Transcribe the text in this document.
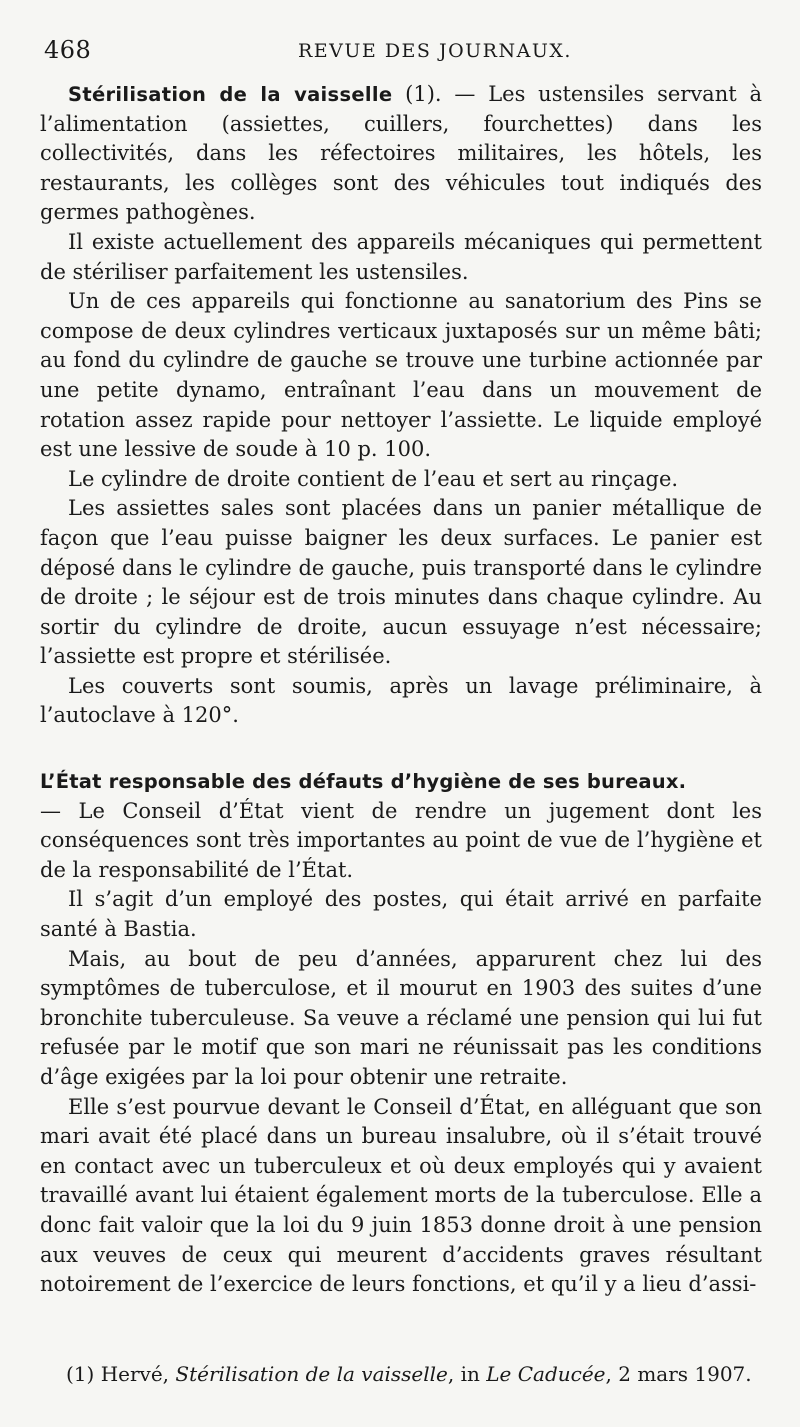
468	REVUE DES JOURNAUX.

Stérilisation de la vaisselle (1). — Les ustensiles servant à l’alimentation (assiettes, cuillers, fourchettes) dans les collectivités, dans les réfectoires militaires, les hôtels, les restaurants, les collèges sont des véhicules tout indiqués des germes pathogènes.

Il existe actuellement des appareils mécaniques qui permettent de stériliser parfaitement les ustensiles.

Un de ces appareils qui fonctionne au sanatorium des Pins se compose de deux cylindres verticaux juxtaposés sur un même bâti; au fond du cylindre de gauche se trouve une turbine actionnée par une petite dynamo, entraînant l’eau dans un mouvement de rotation assez rapide pour nettoyer l’assiette. Le liquide employé est une lessive de soude à 10 p. 100.

Le cylindre de droite contient de l’eau et sert au rinçage.

Les assiettes sales sont placées dans un panier métallique de façon que l’eau puisse baigner les deux surfaces. Le panier est déposé dans le cylindre de gauche, puis transporté dans le cylindre de droite ; le séjour est de trois minutes dans chaque cylindre. Au sortir du cylindre de droite, aucun essuyage n’est nécessaire; l’assiette est propre et stérilisée.

Les couverts sont soumis, après un lavage préliminaire, à l’autoclave à 120°.

L’État responsable des défauts d’hygiène de ses bureaux.

— Le Conseil d’État vient de rendre un jugement dont les conséquences sont très importantes au point de vue de l’hygiène et de la responsabilité de l’État.

Il s’agit d’un employé des postes, qui était arrivé en parfaite santé à Bastia.

Mais, au bout de peu d’années, apparurent chez lui des symptômes de tuberculose, et il mourut en 1903 des suites d’une bronchite tuberculeuse. Sa veuve a réclamé une pension qui lui fut refusée par le motif que son mari ne réunissait pas les conditions d’âge exigées par la loi pour obtenir une retraite.

Elle s’est pourvue devant le Conseil d’État, en alléguant que son mari avait été placé dans un bureau insalubre, où il s’était trouvé en contact avec un tuberculeux et où deux employés qui y avaient travaillé avant lui étaient également morts de la tuberculose. Elle a donc fait valoir que la loi du 9 juin 1853 donne droit à une pension aux veuves de ceux qui meurent d’accidents graves résultant notoirement de l’exercice de leurs fonctions, et qu’il y a lieu d’assi-

(1) Hervé, Stérilisation de la vaisselle, in Le Caducée, 2 mars 1907.
